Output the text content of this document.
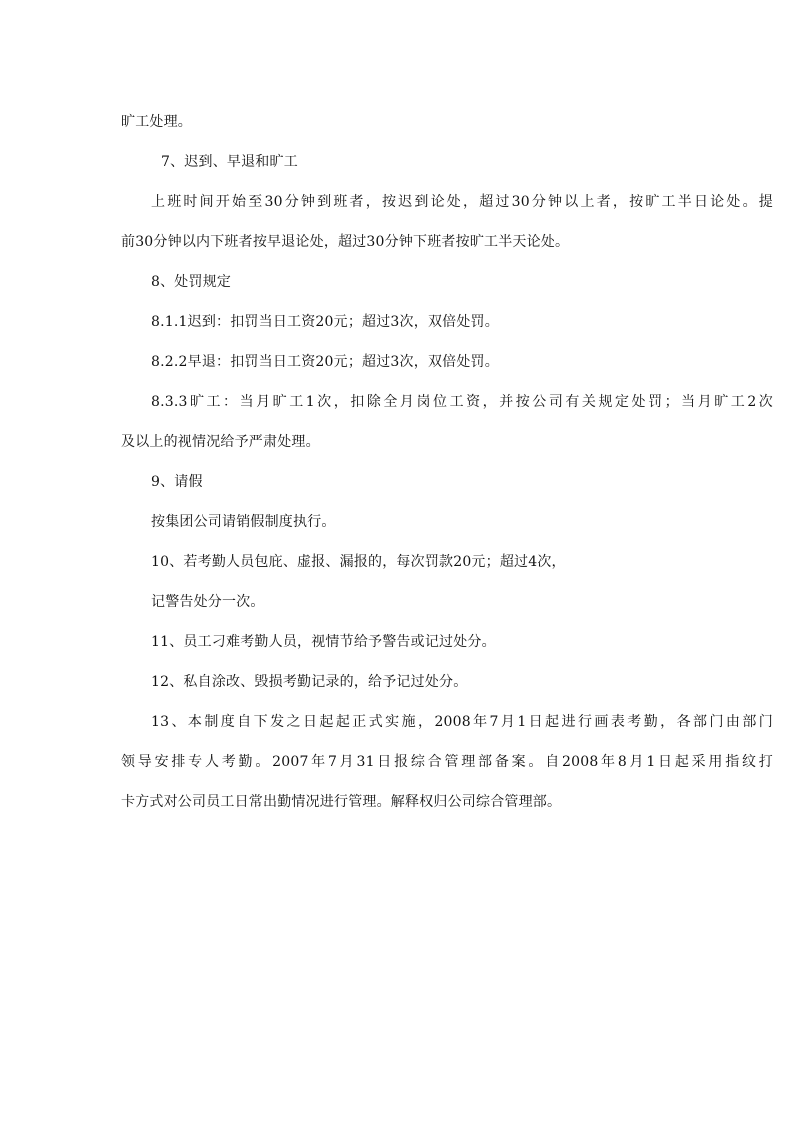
旷工处理。
7、迟到、早退和旷工
上班时间开始至30分钟到班者，按迟到论处，超过30分钟以上者，按旷工半日论处。提
前30分钟以内下班者按早退论处，超过30分钟下班者按旷工半天论处。
8、处罚规定
8.1.1迟到：扣罚当日工资20元；超过3次，双倍处罚。
8.2.2早退：扣罚当日工资20元；超过3次，双倍处罚。
8.3.3旷工：当月旷工1次，扣除全月岗位工资，并按公司有关规定处罚；当月旷工2次
及以上的视情况给予严肃处理。
9、请假
按集团公司请销假制度执行。
10、若考勤人员包庇、虚报、漏报的，每次罚款20元；超过4次，
记警告处分一次。
11、员工刁难考勤人员，视情节给予警告或记过处分。
12、私自涂改、毁损考勤记录的，给予记过处分。
13、本制度自下发之日起起正式实施，2008年7月1日起进行画表考勤，各部门由部门
领导安排专人考勤。2007年7月31日报综合管理部备案。自2008年8月1日起采用指纹打
卡方式对公司员工日常出勤情况进行管理。解释权归公司综合管理部。
